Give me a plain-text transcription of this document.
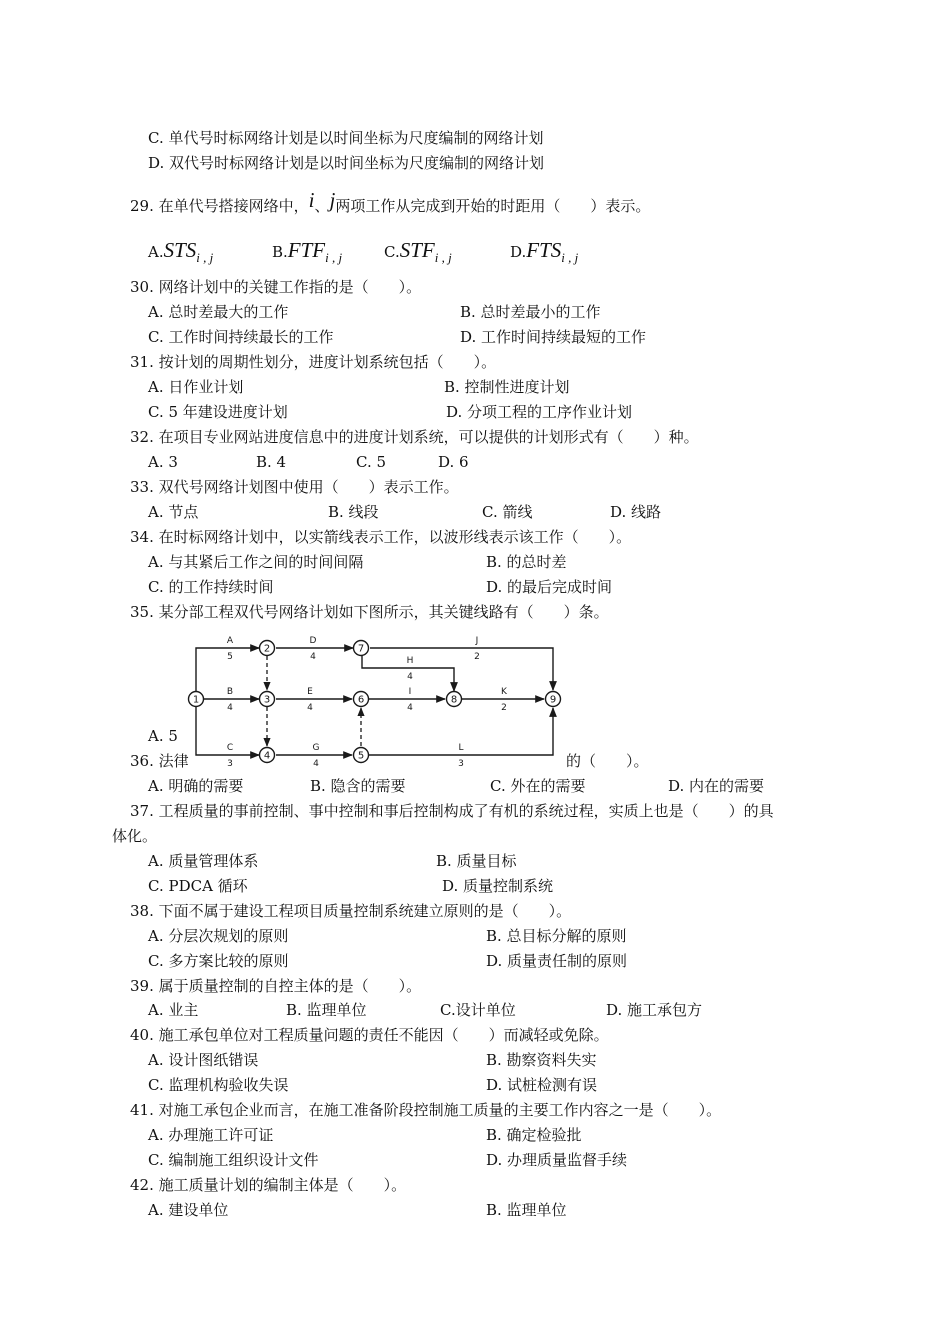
C. 单代号时标网络计划是以时间坐标为尺度编制的网络计划
D. 双代号时标网络计划是以时间坐标为尺度编制的网络计划
29. 在单代号搭接网络中，i、j两项工作从完成到开始的时距用（　　）表示。
A.STSi , j	B.FTFi , j	C.STFi , j	D.FTSi , j
30. 网络计划中的关键工作指的是（　　）。
A. 总时差最大的工作	B. 总时差最小的工作
C. 工作时间持续最长的工作	D. 工作时间持续最短的工作
31. 按计划的周期性划分，进度计划系统包括（　　）。
A. 日作业计划	B. 控制性进度计划
C. 5 年建设进度计划	D. 分项工程的工序作业计划
32. 在项目专业网站进度信息中的进度计划系统，可以提供的计划形式有（　　）种。
A. 3	B. 4	C. 5	D. 6
33. 双代号网络计划图中使用（　　）表示工作。
A. 节点	B. 线段	C. 箭线	D. 线路
34. 在时标网络计划中，以实箭线表示工作，以波形线表示该工作（　　）。
A. 与其紧后工作之间的时间间隔	B. 的总时差
C. 的工作持续时间	D. 的最后完成时间
35. 某分部工程双代号网络计划如下图所示，其关键线路有（　　）条。
A. 5
36. 法律	的（　　）。
2	7
1	3	6	8	9
4	5
A
5
D
4
J
2
H
4
B
4
E
4
I
4
K
2
C
3
G
4
L
3
A. 明确的需要	B. 隐含的需要	C. 外在的需要	D. 内在的需要
37. 工程质量的事前控制、事中控制和事后控制构成了有机的系统过程，实质上也是（　　）的具
体化。
A. 质量管理体系	B. 质量目标
C. PDCA 循环	D. 质量控制系统
38. 下面不属于建设工程项目质量控制系统建立原则的是（　　）。
A. 分层次规划的原则	B. 总目标分解的原则
C. 多方案比较的原则	D. 质量责任制的原则
39. 属于质量控制的自控主体的是（　　）。
A. 业主	B. 监理单位	C.设计单位	D. 施工承包方
40. 施工承包单位对工程质量问题的责任不能因（　　）而减轻或免除。
A. 设计图纸错误	B. 勘察资料失实
C. 监理机构验收失误	D. 试桩检测有误
41. 对施工承包企业而言，在施工准备阶段控制施工质量的主要工作内容之一是（　　）。
A. 办理施工许可证	B. 确定检验批
C. 编制施工组织设计文件	D. 办理质量监督手续
42. 施工质量计划的编制主体是（　　）。
A. 建设单位	B. 监理单位
